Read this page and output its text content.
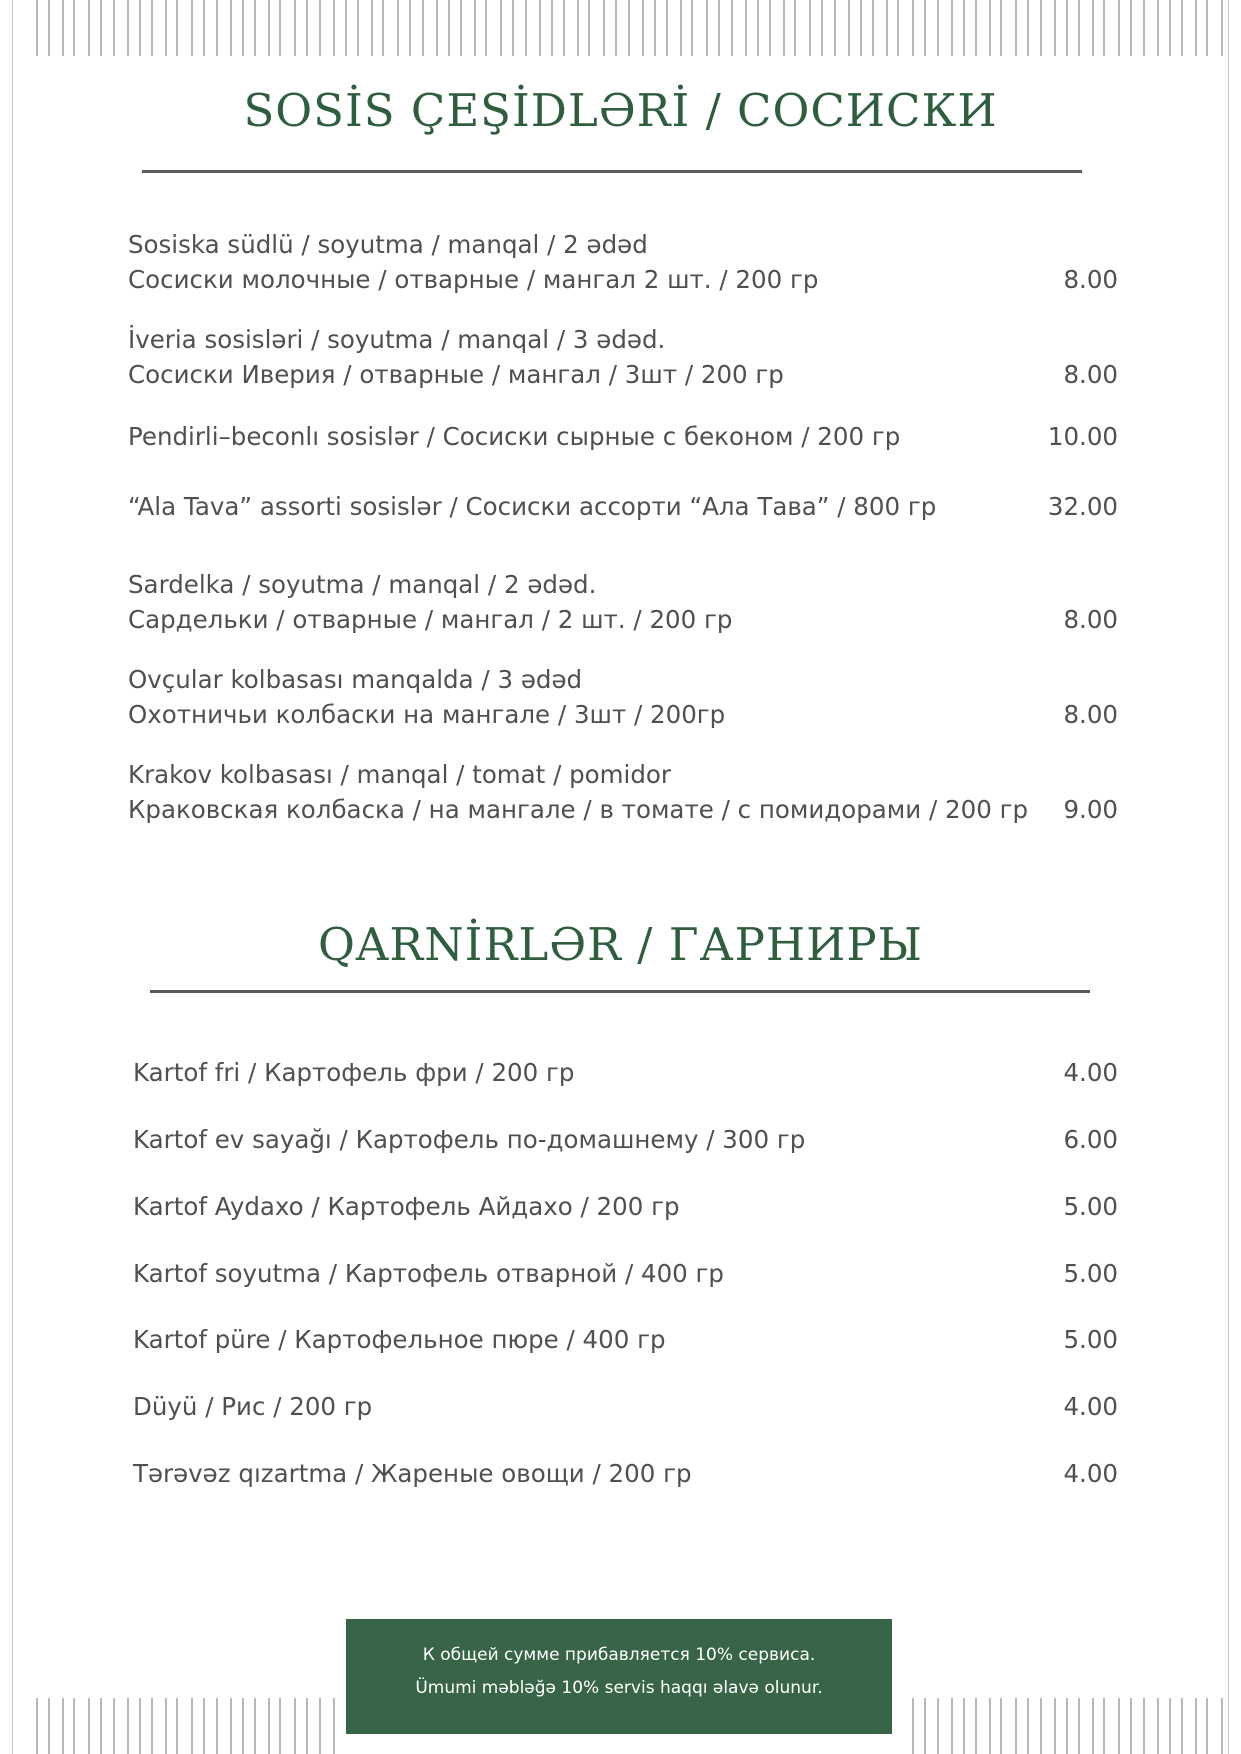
SOSİS ÇEŞİDLƏRİ / СОСИСКИ
Sosiska südlü / soyutma / manqal / 2 ədəd
Сосиски молочные / отварные / мангал 2 шт. / 200 гр	8.00
İveria sosisləri / soyutma / manqal / 3 ədəd.
Сосиски Иверия / отварные / мангал / 3шт / 200 гр	8.00
Pendirli–beconlı sosislər / Сосиски сырные с беконом / 200 гр	10.00
“Ala Tava” assorti sosislər / Сосиски ассорти “Ала Тава” / 800 гр	32.00
Sardelka / soyutma / manqal / 2 ədəd.
Сардельки / отварные / мангал / 2 шт. / 200 гр	8.00
Ovçular kolbasası manqalda / 3 ədəd
Охотничьи колбаски на мангале / 3шт / 200гр	8.00
Krakov kolbasası / manqal / tomat / pomidor
Краковская колбаска / на мангале / в томате / с помидорами / 200 гр	9.00
QARNİRLƏR / ГАРНИРЫ
Kartof fri / Картофель фри / 200 гр	4.00
Kartof ev sayağı / Картофель по-домашнему / 300 гр	6.00
Kartof Aydaxo / Картофель Айдахо / 200 гр	5.00
Kartof soyutma / Картофель отварной / 400 гр	5.00
Kartof püre / Картофельное пюре / 400 гр	5.00
Düyü / Рис / 200 гр	4.00
Tərəvəz qızartma / Жареные овощи / 200 гр	4.00
К общей сумме прибавляется 10% сервиса.
Ümumi məbləğə 10% servis haqqı əlavə olunur.
